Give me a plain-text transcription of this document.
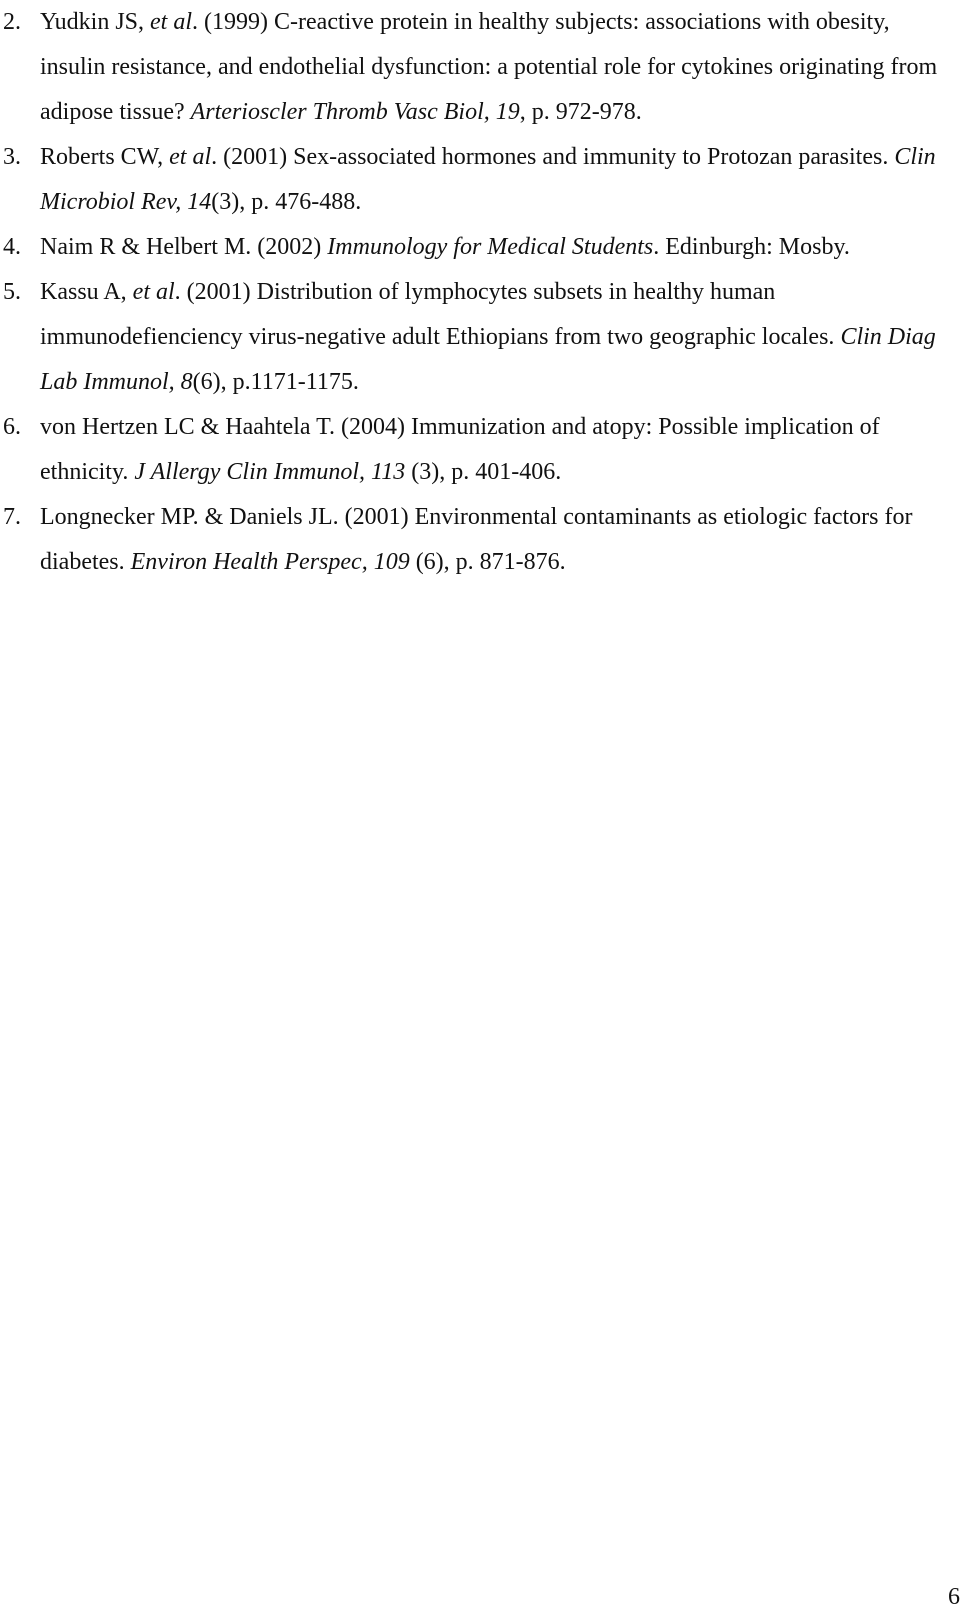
2. Yudkin JS, et al. (1999) C-reactive protein in healthy subjects: associations with obesity, insulin resistance, and endothelial dysfunction: a potential role for cytokines originating from adipose tissue? Arterioscler Thromb Vasc Biol, 19, p. 972-978.
3. Roberts CW, et al. (2001) Sex-associated hormones and immunity to Protozan parasites. Clin Microbiol Rev, 14(3), p. 476-488.
4. Naim R & Helbert M. (2002) Immunology for Medical Students. Edinburgh: Mosby.
5. Kassu A, et al. (2001) Distribution of lymphocytes subsets in healthy human immunodefienciency virus-negative adult Ethiopians from two geographic locales. Clin Diag Lab Immunol, 8(6), p.1171-1175.
6. von Hertzen LC & Haahtela T. (2004) Immunization and atopy: Possible implication of ethnicity. J Allergy Clin Immunol, 113 (3), p. 401-406.
7. Longnecker MP. & Daniels JL. (2001) Environmental contaminants as etiologic factors for diabetes. Environ Health Perspec, 109 (6), p. 871-876.
6
